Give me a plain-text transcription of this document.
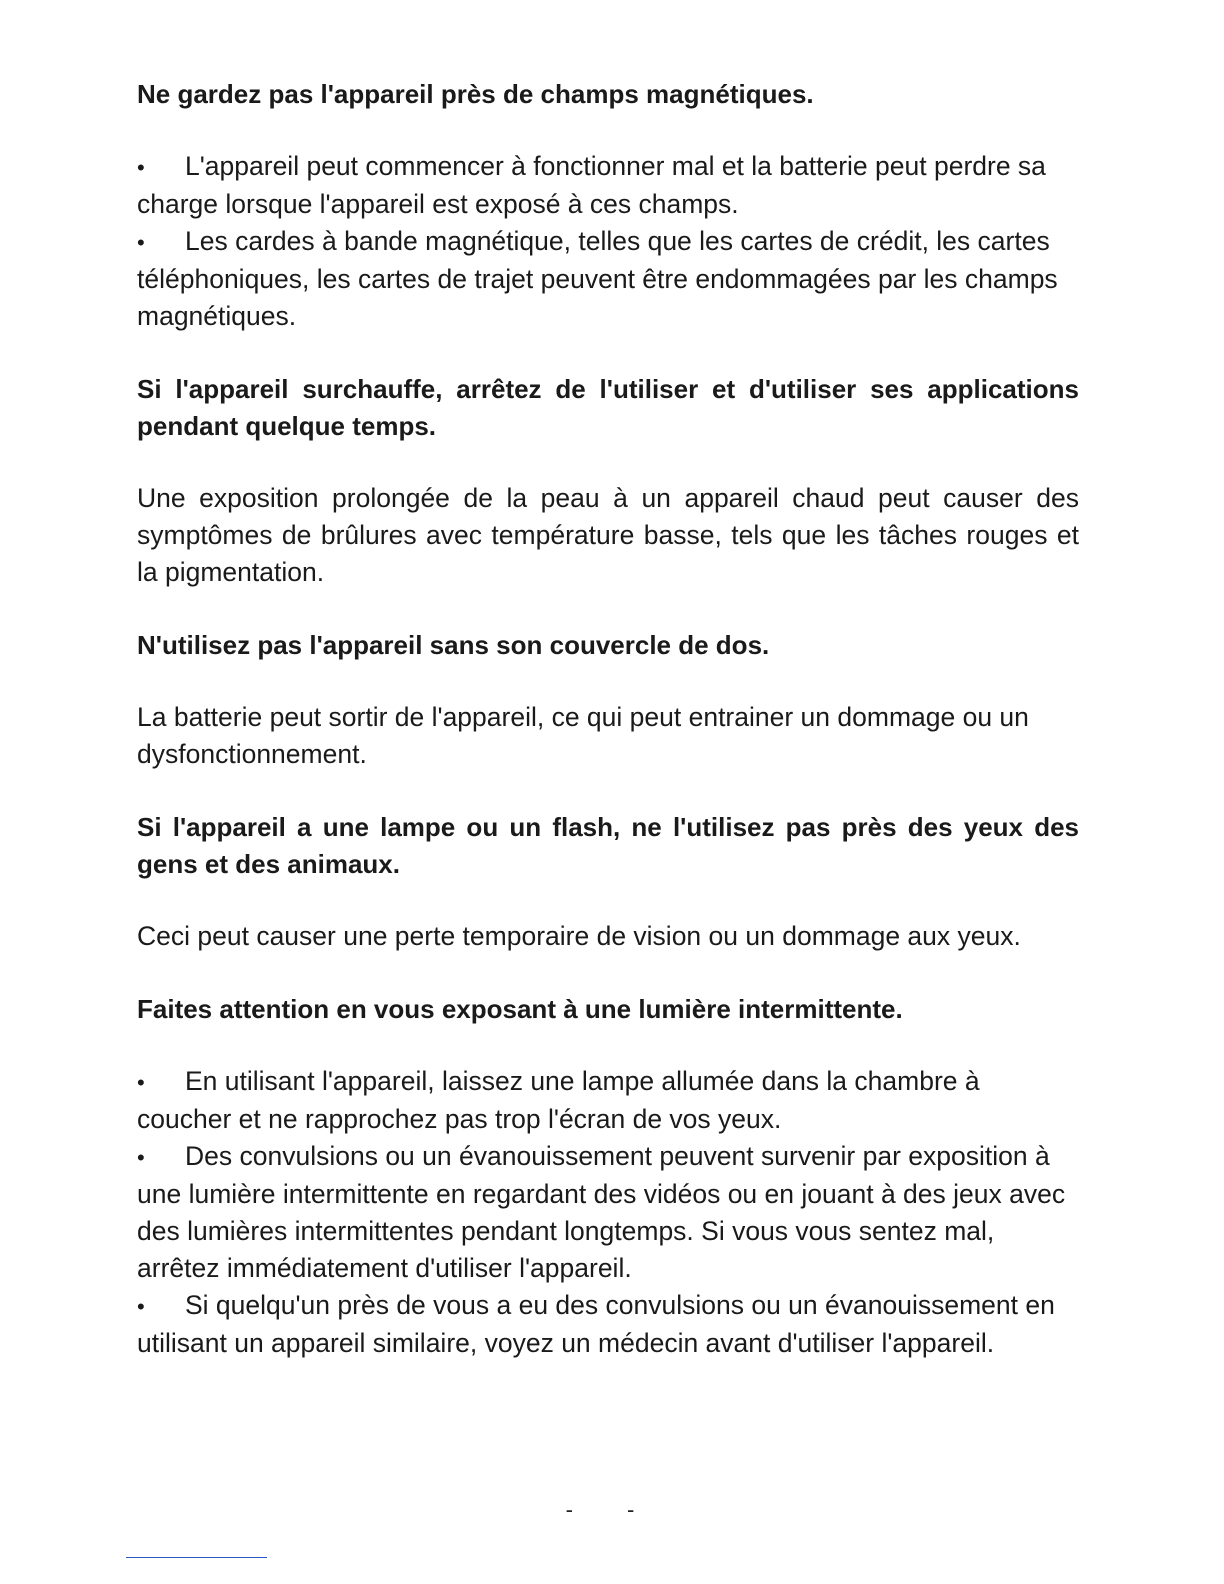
Ne gardez pas l'appareil près de champs magnétiques.

• L'appareil peut commencer à fonctionner mal et la batterie peut perdre sa charge lorsque l'appareil est exposé à ces champs.

• Les cardes à bande magnétique, telles que les cartes de crédit, les cartes téléphoniques, les cartes de trajet peuvent être endommagées par les champs magnétiques.

Si l'appareil surchauffe, arrêtez de l'utiliser et d'utiliser ses applications pendant quelque temps.

Une exposition prolongée de la peau à un appareil chaud peut causer des symptômes de brûlures avec température basse, tels que les tâches rouges et la pigmentation.

N'utilisez pas l'appareil sans son couvercle de dos.

La batterie peut sortir de l'appareil, ce qui peut entrainer un dommage ou un dysfonctionnement.

Si l'appareil a une lampe ou un flash, ne l'utilisez pas près des yeux des gens et des animaux.

Ceci peut causer une perte temporaire de vision ou un dommage aux yeux.

Faites attention en vous exposant à une lumière intermittente.

• En utilisant l'appareil, laissez une lampe allumée dans la chambre à coucher et ne rapprochez pas trop l'écran de vos yeux.

• Des convulsions ou un évanouissement peuvent survenir par exposition à une lumière intermittente en regardant des vidéos ou en jouant à des jeux avec des lumières intermittentes pendant longtemps. Si vous vous sentez mal, arrêtez immédiatement d'utiliser l'appareil.

• Si quelqu'un près de vous a eu des convulsions ou un évanouissement en utilisant un appareil similaire, voyez un médecin avant d'utiliser l'appareil.

- -
